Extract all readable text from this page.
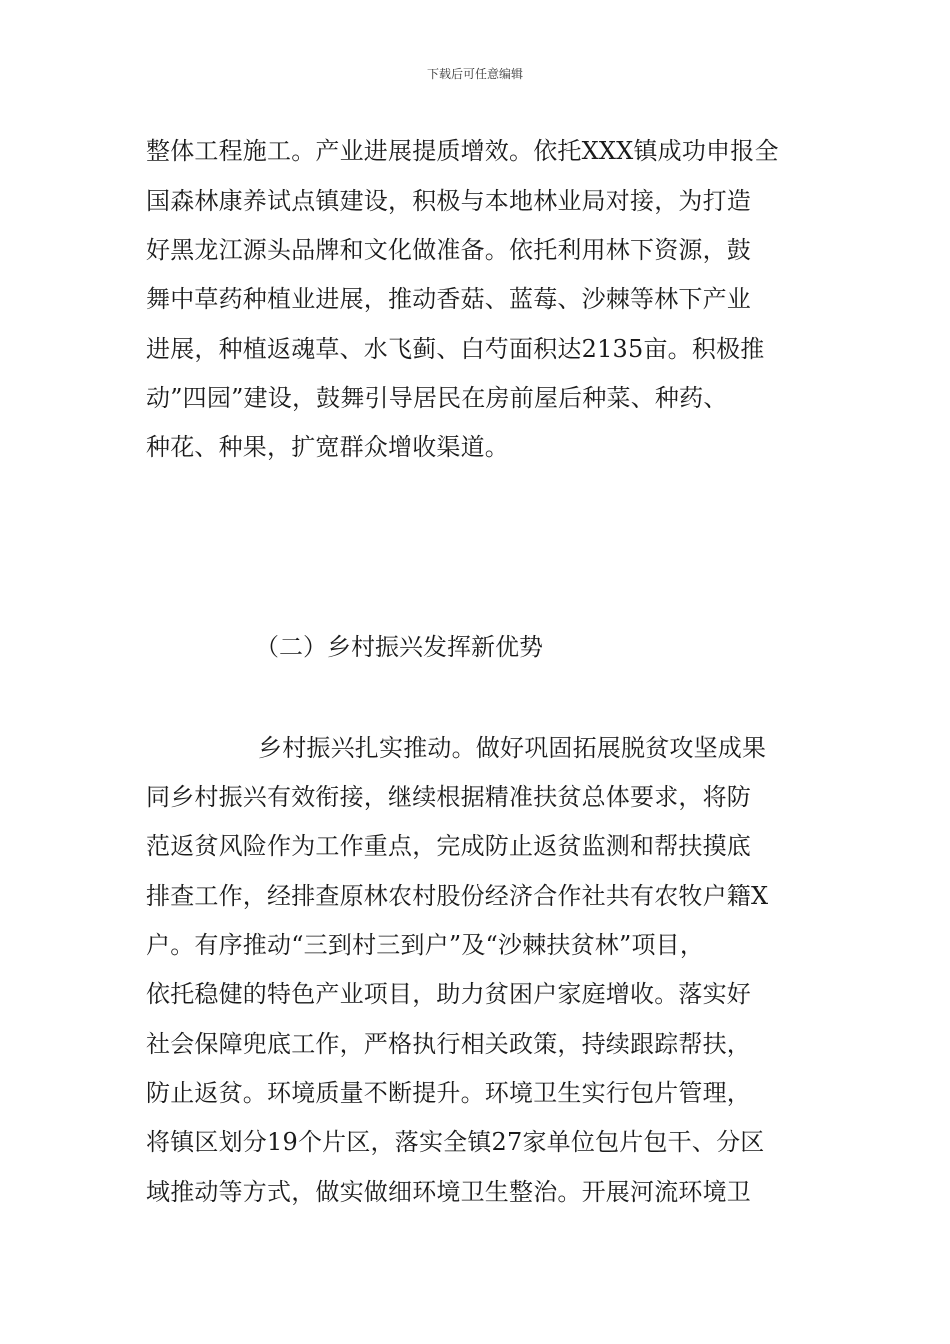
下载后可任意编辑
整体工程施工。产业进展提质增效。依托XXX镇成功申报全
国森林康养试点镇建设，积极与本地林业局对接，为打造
好黑龙江源头品牌和文化做准备。依托利用林下资源，鼓
舞中草药种植业进展，推动香菇、蓝莓、沙棘等林下产业
进展，种植返魂草、水飞蓟、白芍面积达2135亩。积极推
动”四园”建设，鼓舞引导居民在房前屋后种菜、种药、
种花、种果，扩宽群众增收渠道。
（二）乡村振兴发挥新优势
乡村振兴扎实推动。做好巩固拓展脱贫攻坚成果
同乡村振兴有效衔接，继续根据精准扶贫总体要求，将防
范返贫风险作为工作重点，完成防止返贫监测和帮扶摸底
排查工作，经排查原林农村股份经济合作社共有农牧户籍X
户。有序推动“三到村三到户”及“沙棘扶贫林”项目，
依托稳健的特色产业项目，助力贫困户家庭增收。落实好
社会保障兜底工作，严格执行相关政策，持续跟踪帮扶，
防止返贫。环境质量不断提升。环境卫生实行包片管理，
将镇区划分19个片区，落实全镇27家单位包片包干、分区
域推动等方式，做实做细环境卫生整治。开展河流环境卫
